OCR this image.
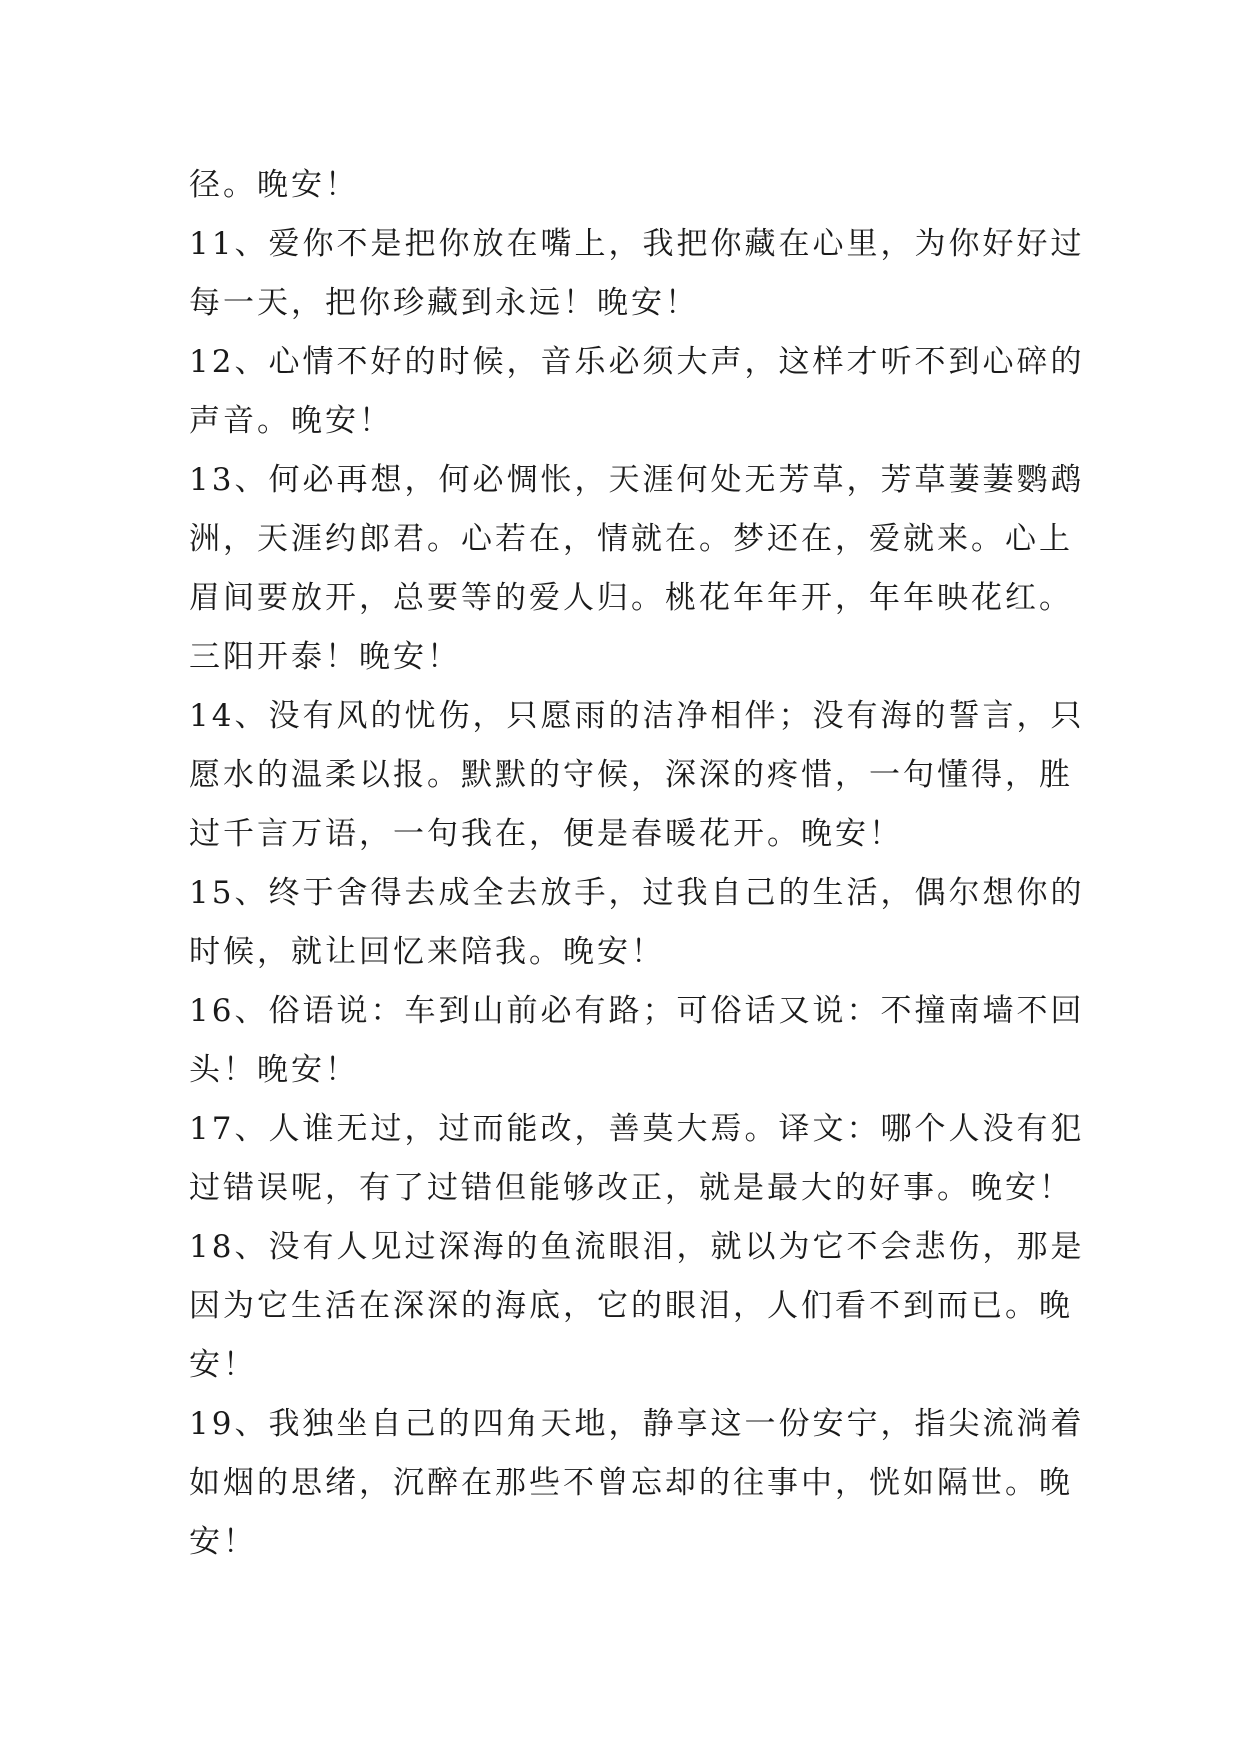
径。晚安！
11、爱你不是把你放在嘴上，我把你藏在心里，为你好好过
每一天，把你珍藏到永远！晚安！
12、心情不好的时候，音乐必须大声，这样才听不到心碎的
声音。晚安！
13、何必再想，何必惆怅，天涯何处无芳草，芳草萋萋鹦鹉
洲，天涯约郎君。心若在，情就在。梦还在，爱就来。心上
眉间要放开，总要等的爱人归。桃花年年开，年年映花红。
三阳开泰！晚安！
14、没有风的忧伤，只愿雨的洁净相伴；没有海的誓言，只
愿水的温柔以报。默默的守候，深深的疼惜，一句懂得，胜
过千言万语，一句我在，便是春暖花开。晚安！
15、终于舍得去成全去放手，过我自己的生活，偶尔想你的
时候，就让回忆来陪我。晚安！
16、俗语说：车到山前必有路；可俗话又说：不撞南墙不回
头！晚安！
17、人谁无过，过而能改，善莫大焉。译文：哪个人没有犯
过错误呢，有了过错但能够改正，就是最大的好事。晚安！
18、没有人见过深海的鱼流眼泪，就以为它不会悲伤，那是
因为它生活在深深的海底，它的眼泪，人们看不到而已。晚
安！
19、我独坐自己的四角天地，静享这一份安宁，指尖流淌着
如烟的思绪，沉醉在那些不曾忘却的往事中，恍如隔世。晚
安！
